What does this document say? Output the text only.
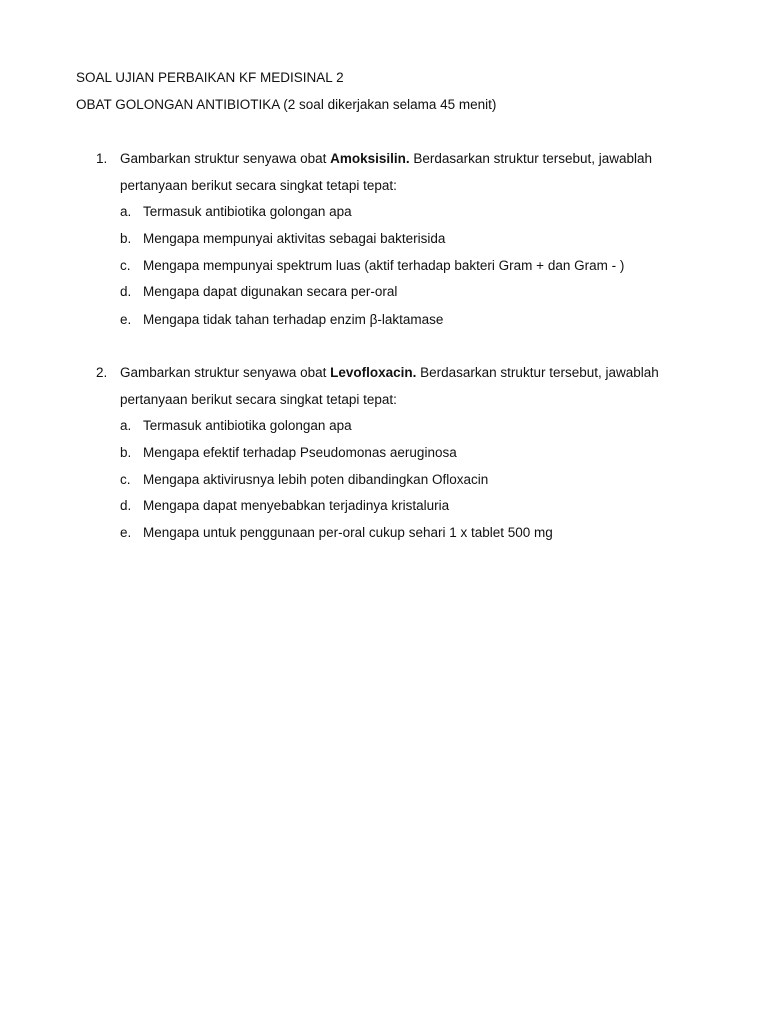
SOAL UJIAN PERBAIKAN KF MEDISINAL 2
OBAT GOLONGAN ANTIBIOTIKA (2 soal dikerjakan selama 45 menit)
1. Gambarkan struktur senyawa obat Amoksisilin. Berdasarkan struktur tersebut, jawablah
pertanyaan berikut secara singkat tetapi tepat:
a. Termasuk antibiotika golongan apa
b. Mengapa mempunyai aktivitas sebagai bakterisida
c. Mengapa mempunyai spektrum luas (aktif terhadap bakteri Gram + dan Gram - )
d. Mengapa dapat digunakan secara per-oral
e. Mengapa tidak tahan terhadap enzim β-laktamase
2. Gambarkan struktur senyawa obat Levofloxacin. Berdasarkan struktur tersebut, jawablah
pertanyaan berikut secara singkat tetapi tepat:
a. Termasuk antibiotika golongan apa
b. Mengapa efektif terhadap Pseudomonas aeruginosa
c. Mengapa aktivirusnya lebih poten dibandingkan Ofloxacin
d. Mengapa dapat menyebabkan terjadinya kristaluria
e. Mengapa untuk penggunaan per-oral cukup sehari 1 x tablet 500 mg
